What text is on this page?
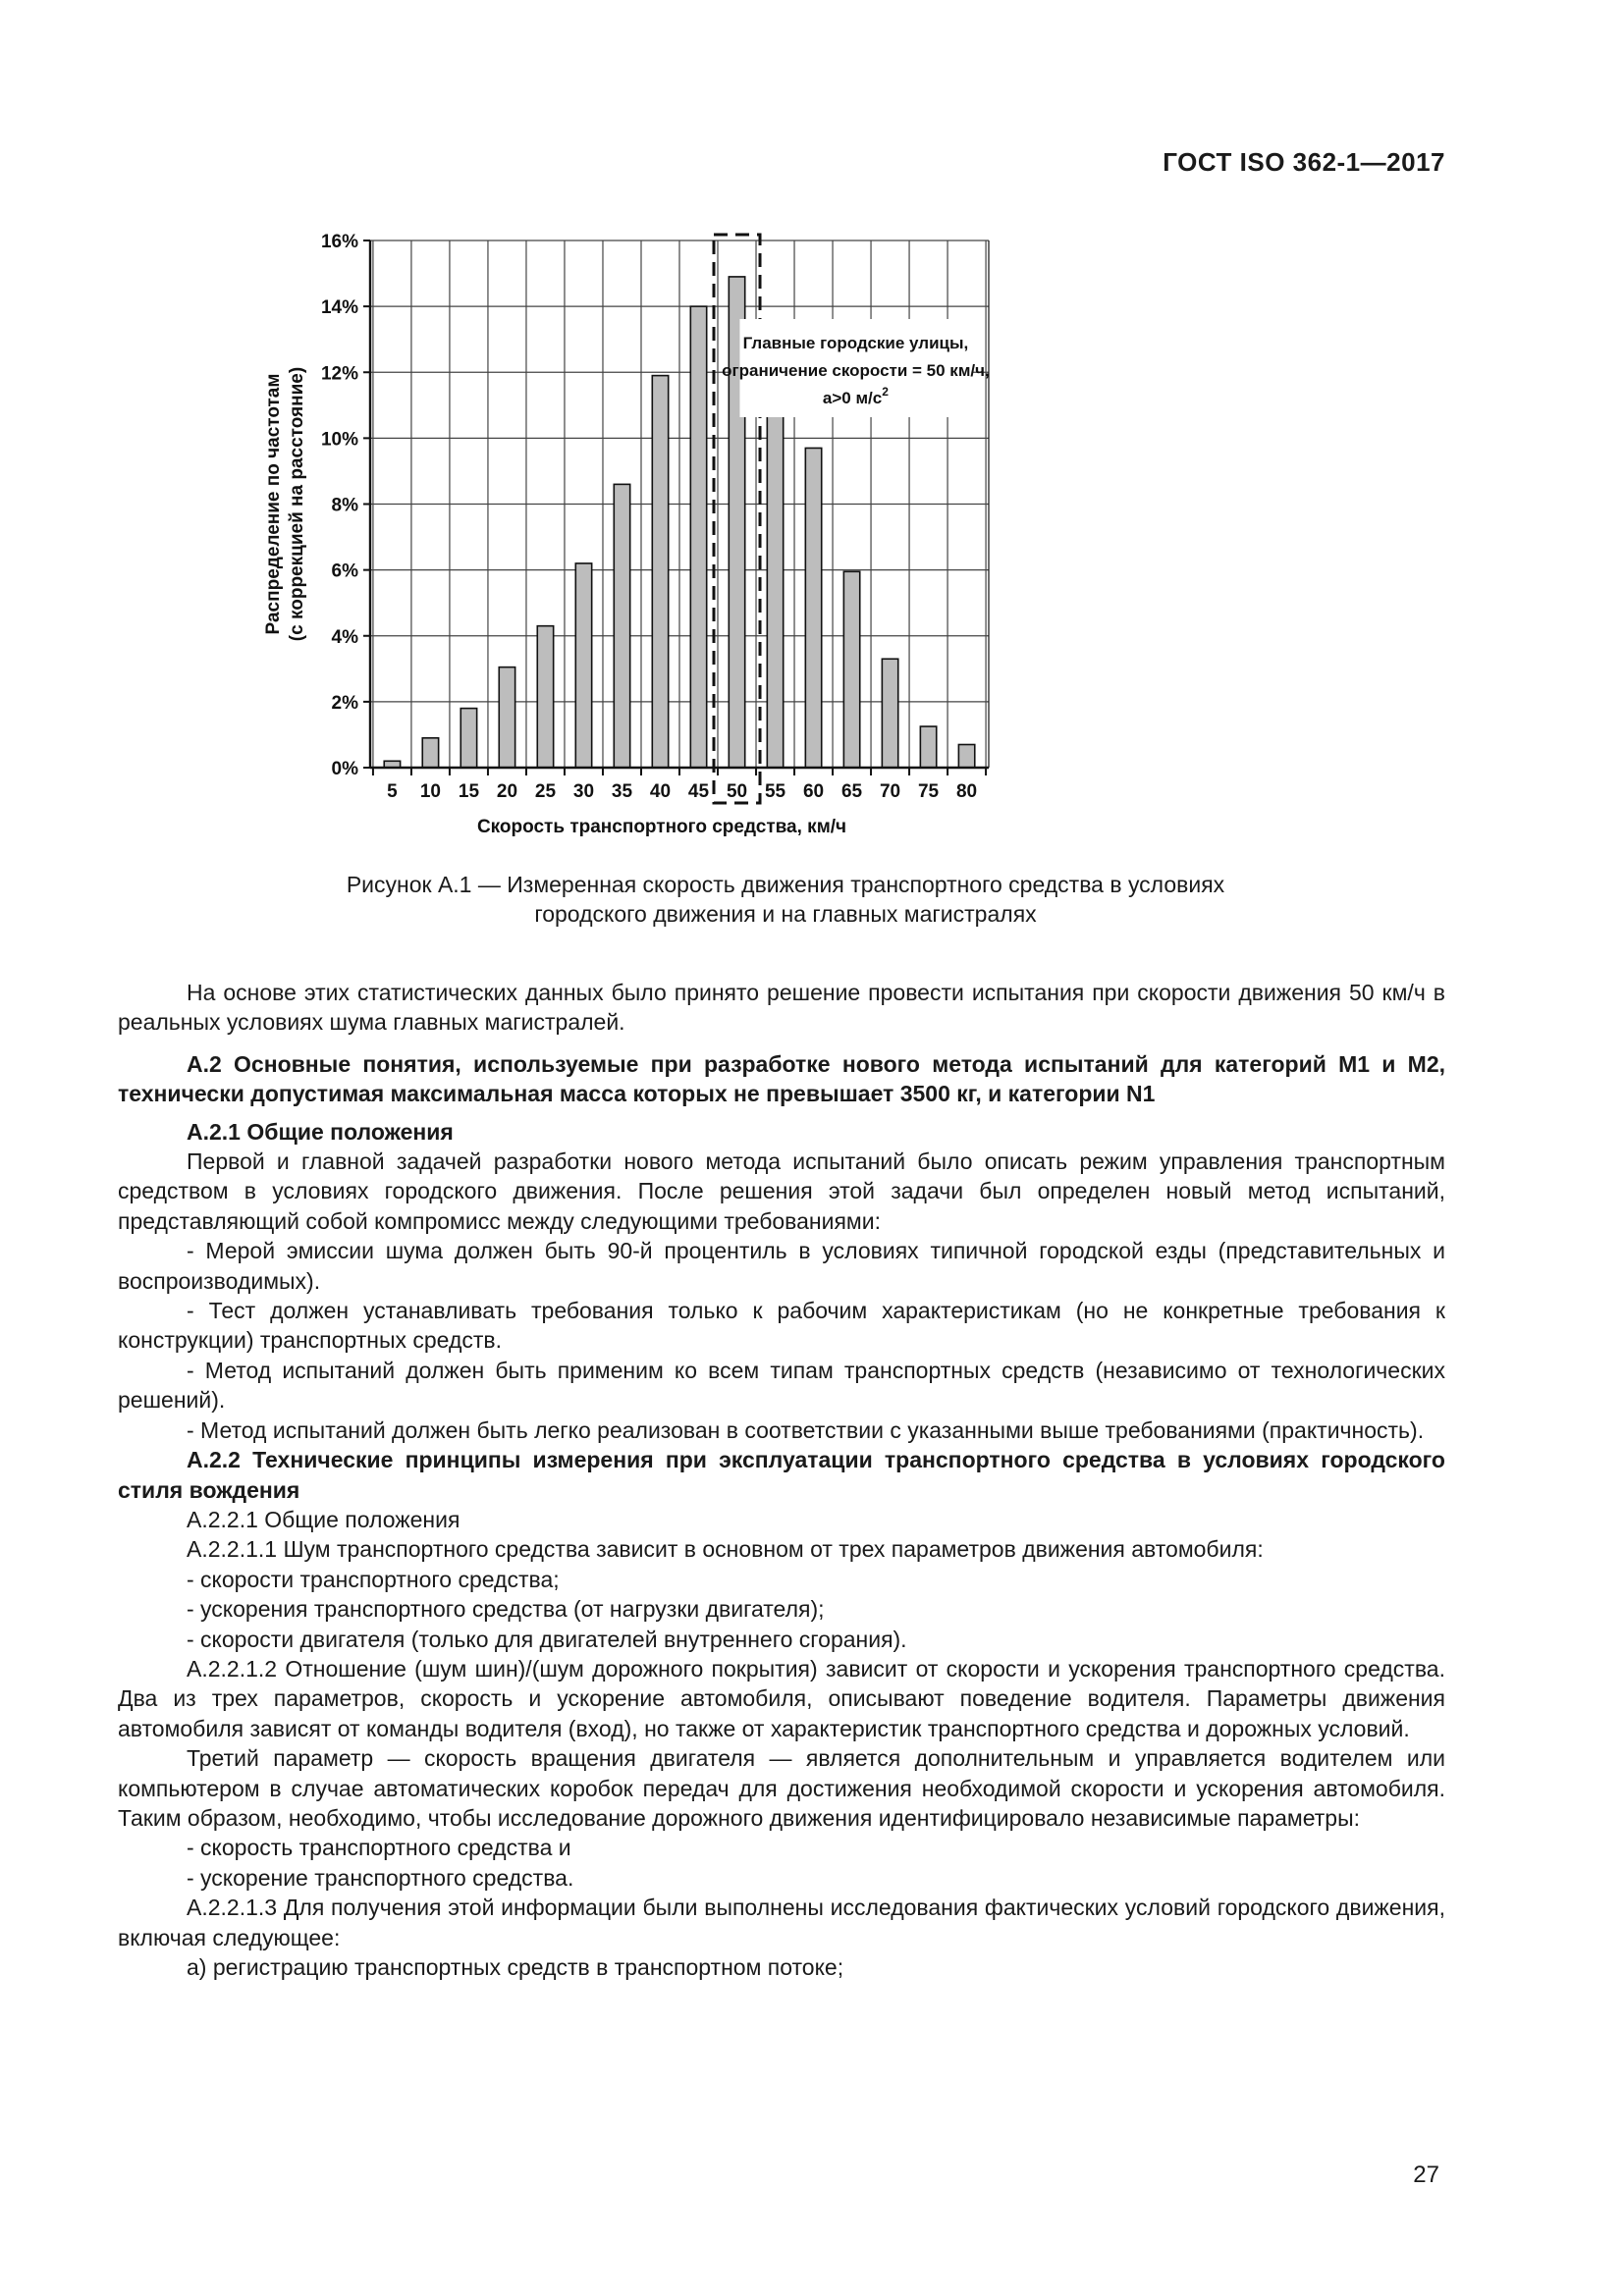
ГОСТ ISO 362-1—2017
0%
2%
4%
6%
8%
10%
12%
14%
16%
5 10 15 20 25 30 35 40 45 50 55 60 65 70 75 80
Главные городские улицы,
ограничение скорости = 50 км/ч,
a>0 $м/с^2$
Распределение по частотам (с коррекцией на расстояние)
Скорость транспортного средства, км/ч
Рисунок А.1 — Измеренная скорость движения транспортного средства в условиях
городского движения и на главных магистралях

На основе этих статистических данных было принято решение провести испытания при скорости движения 50 км/ч в реальных условиях шума главных магистралей.

А.2 Основные понятия, используемые при разработке нового метода испытаний для категорий М1 и М2, технически допустимая максимальная масса которых не превышает 3500 кг, и категории N1

А.2.1 Общие положения

Первой и главной задачей разработки нового метода испытаний было описать режим управления транспортным средством в условиях городского движения. После решения этой задачи был определен новый метод испытаний, представляющий собой компромисс между следующими требованиями:

- Мерой эмиссии шума должен быть 90-й процентиль в условиях типичной городской езды (представительных и воспроизводимых).

- Тест должен устанавливать требования только к рабочим характеристикам (но не конкретные требования к конструкции) транспортных средств.

- Метод испытаний должен быть применим ко всем типам транспортных средств (независимо от технологических решений).

- Метод испытаний должен быть легко реализован в соответствии с указанными выше требованиями (практичность).

А.2.2 Технические принципы измерения при эксплуатации транспортного средства в условиях городского стиля вождения

А.2.2.1 Общие положения

А.2.2.1.1 Шум транспортного средства зависит в основном от трех параметров движения автомобиля:

- скорости транспортного средства;

- ускорения транспортного средства (от нагрузки двигателя);

- скорости двигателя (только для двигателей внутреннего сгорания).

А.2.2.1.2 Отношение (шум шин)/(шум дорожного покрытия) зависит от скорости и ускорения транспортного средства. Два из трех параметров, скорость и ускорение автомобиля, описывают поведение водителя. Параметры движения автомобиля зависят от команды водителя (вход), но также от характеристик транспортного средства и дорожных условий.

Третий параметр — скорость вращения двигателя — является дополнительным и управляется водителем или компьютером в случае автоматических коробок передач для достижения необходимой скорости и ускорения автомобиля. Таким образом, необходимо, чтобы исследование дорожного движения идентифицировало независимые параметры:

- скорость транспортного средства и

- ускорение транспортного средства.

А.2.2.1.3 Для получения этой информации были выполнены исследования фактических условий городского движения, включая следующее:

а) регистрацию транспортных средств в транспортном потоке;

27
